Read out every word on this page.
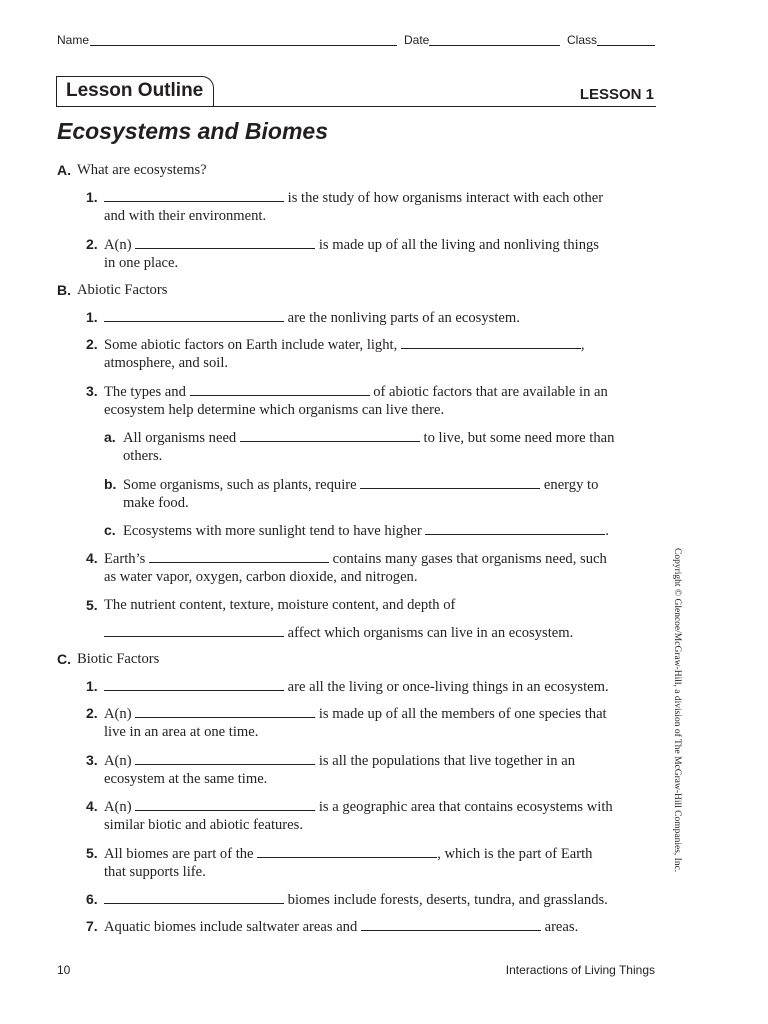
Name	Date	Class
Lesson Outline	LESSON 1
Ecosystems and Biomes
A. What are ecosystems?
1.	is the study of how organisms interact with each other
and with their environment.
2. A(n)	is made up of all the living and nonliving things
in one place.
B. Abiotic Factors
1.	are the nonliving parts of an ecosystem.
2. Some abiotic factors on Earth include water, light,	,
atmosphere, and soil.
3. The types and	of abiotic factors that are available in an
ecosystem help determine which organisms can live there.
a. All organisms need	to live, but some need more than
others.
b. Some organisms, such as plants, require	energy to
make food.
c. Ecosystems with more sunlight tend to have higher	.
4. Earth’s	contains many gases that organisms need, such
as water vapor, oxygen, carbon dioxide, and nitrogen.
5. The nutrient content, texture, moisture content, and depth of
affect which organisms can live in an ecosystem.
C. Biotic Factors
1.	are all the living or once-living things in an ecosystem.
2. A(n)	is made up of all the members of one species that
live in an area at one time.
3. A(n)	is all the populations that live together in an
ecosystem at the same time.
4. A(n)	is a geographic area that contains ecosystems with
similar biotic and abiotic features.
5. All biomes are part of the	, which is the part of Earth
that supports life.
6.	biomes include forests, deserts, tundra, and grasslands.
7. Aquatic biomes include saltwater areas and	areas.
Copyright © Glencoe/McGraw-Hill, a division of The McGraw-Hill Companies, Inc.
10	Interactions of Living Things
